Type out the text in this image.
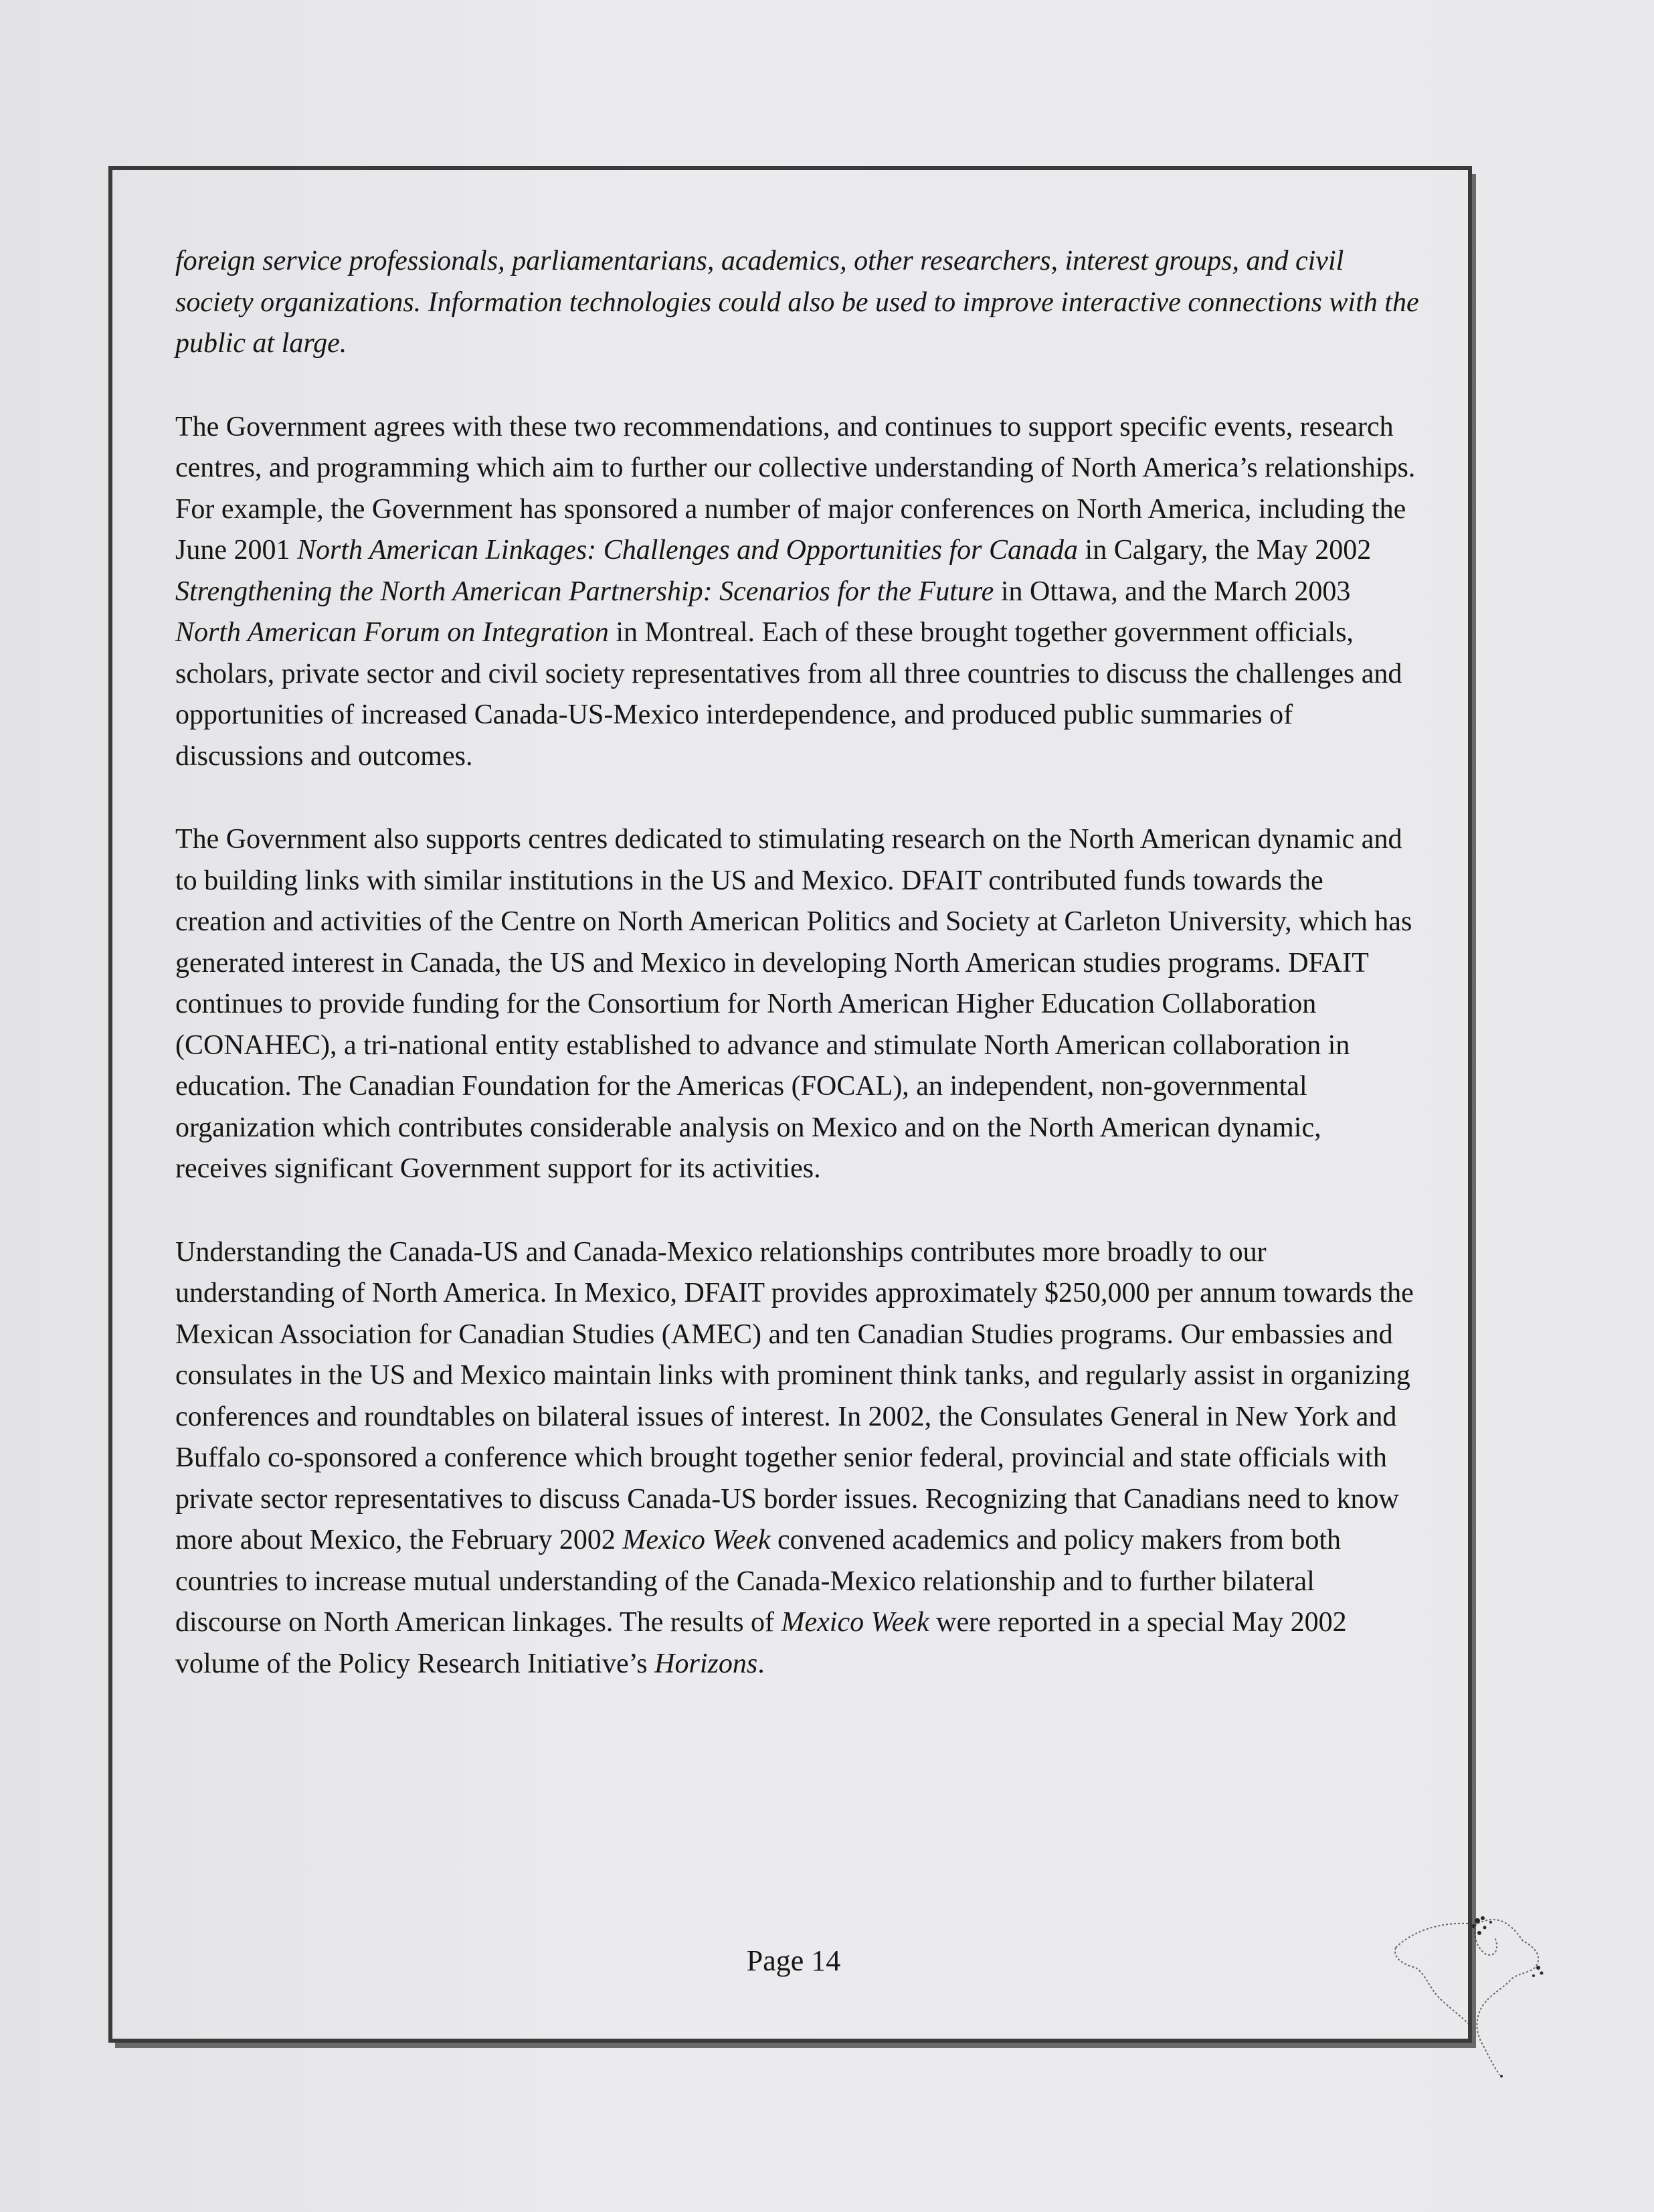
foreign service professionals, parliamentarians, academics, other researchers, interest groups, and civil society organizations. Information technologies could also be used to improve interactive connections with the public at large.

The Government agrees with these two recommendations, and continues to support specific events, research centres, and programming which aim to further our collective understanding of North America’s relationships. For example, the Government has sponsored a number of major conferences on North America, including the June 2001 North American Linkages: Challenges and Opportunities for Canada in Calgary, the May 2002 Strengthening the North American Partnership: Scenarios for the Future in Ottawa, and the March 2003 North American Forum on Integration in Montreal. Each of these brought together government officials, scholars, private sector and civil society representatives from all three countries to discuss the challenges and opportunities of increased Canada-US-Mexico interdependence, and produced public summaries of discussions and outcomes.

The Government also supports centres dedicated to stimulating research on the North American dynamic and to building links with similar institutions in the US and Mexico. DFAIT contributed funds towards the creation and activities of the Centre on North American Politics and Society at Carleton University, which has generated interest in Canada, the US and Mexico in developing North American studies programs. DFAIT continues to provide funding for the Consortium for North American Higher Education Collaboration (CONAHEC), a tri-national entity established to advance and stimulate North American collaboration in education. The Canadian Foundation for the Americas (FOCAL), an independent, non-governmental organization which contributes considerable analysis on Mexico and on the North American dynamic, receives significant Government support for its activities.

Understanding the Canada-US and Canada-Mexico relationships contributes more broadly to our understanding of North America. In Mexico, DFAIT provides approximately $250,000 per annum towards the Mexican Association for Canadian Studies (AMEC) and ten Canadian Studies programs. Our embassies and consulates in the US and Mexico maintain links with prominent think tanks, and regularly assist in organizing conferences and roundtables on bilateral issues of interest. In 2002, the Consulates General in New York and Buffalo co-sponsored a conference which brought together senior federal, provincial and state officials with private sector representatives to discuss Canada-US border issues. Recognizing that Canadians need to know more about Mexico, the February 2002 Mexico Week convened academics and policy makers from both countries to increase mutual understanding of the Canada-Mexico relationship and to further bilateral discourse on North American linkages. The results of Mexico Week were reported in a special May 2002 volume of the Policy Research Initiative’s Horizons.

Page 14
